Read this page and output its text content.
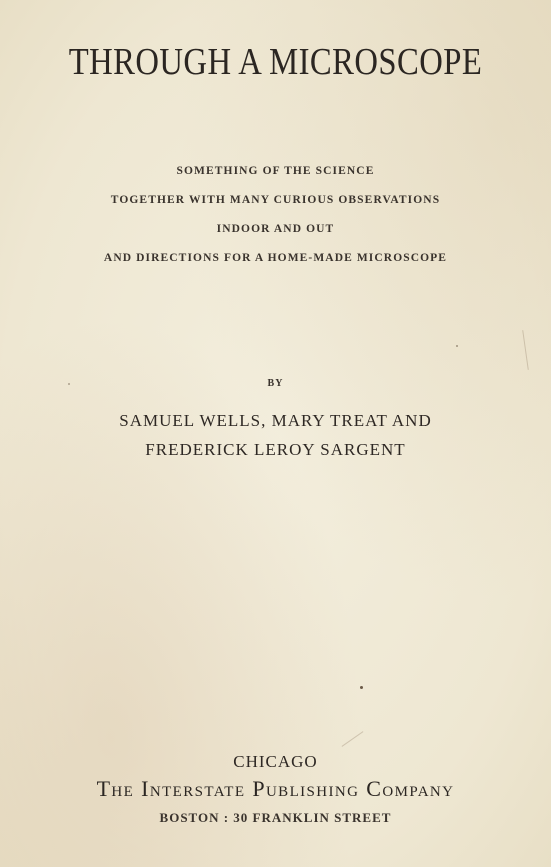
THROUGH A MICROSCOPE
SOMETHING OF THE SCIENCE
TOGETHER WITH MANY CURIOUS OBSERVATIONS
INDOOR AND OUT
AND DIRECTIONS FOR A HOME-MADE MICROSCOPE
BY
SAMUEL WELLS, MARY TREAT AND
FREDERICK LEROY SARGENT
CHICAGO
The Interstate Publishing Company
BOSTON : 30 FRANKLIN STREET
